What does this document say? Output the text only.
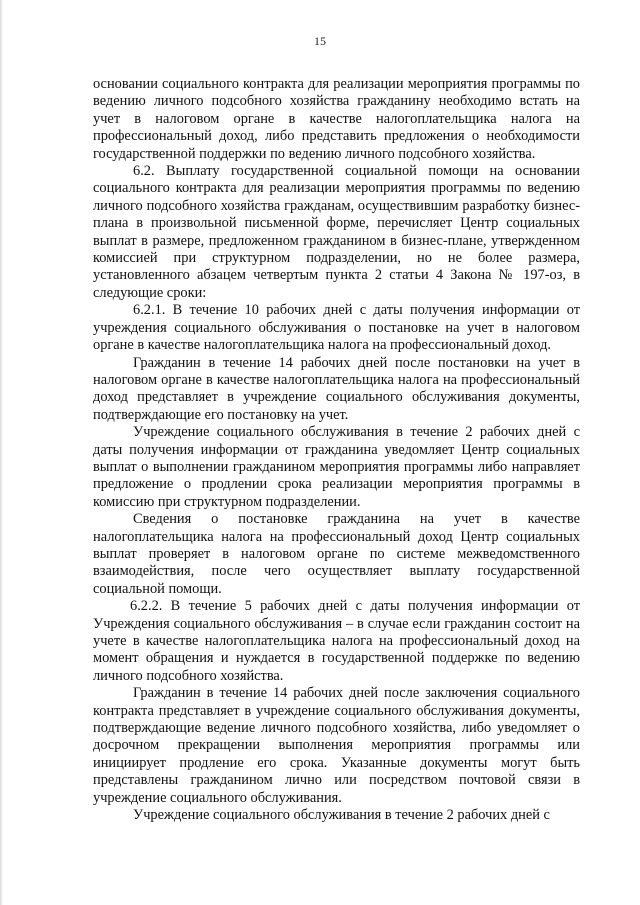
15

основании социального контракта для реализации мероприятия программы по ведению личного подсобного хозяйства гражданину необходимо встать на учет в налоговом органе в качестве налогоплательщика налога на профессиональный доход, либо представить предложения о необходимости государственной поддержки по ведению личного подсобного хозяйства.

6.2. Выплату государственной социальной помощи на основании социального контракта для реализации мероприятия программы по ведению личного подсобного хозяйства гражданам, осуществившим разработку бизнес-плана в произвольной письменной форме, перечисляет Центр социальных выплат в размере, предложенном гражданином в бизнес-плане, утвержденном комиссией при структурном подразделении, но не более размера, установленного абзацем четвертым пункта 2 статьи 4 Закона № 197-оз, в следующие сроки:

6.2.1. В течение 10 рабочих дней с даты получения информации от учреждения социального обслуживания о постановке на учет в налоговом органе в качестве налогоплательщика налога на профессиональный доход.

Гражданин в течение 14 рабочих дней после постановки на учет в налоговом органе в качестве налогоплательщика налога на профессиональный доход представляет в учреждение социального обслуживания документы, подтверждающие его постановку на учет.

Учреждение социального обслуживания в течение 2 рабочих дней с даты получения информации от гражданина уведомляет Центр социальных выплат о выполнении гражданином мероприятия программы либо направляет предложение о продлении срока реализации мероприятия программы в комиссию при структурном подразделении.

Сведения о постановке гражданина на учет в качестве налогоплательщика налога на профессиональный доход Центр социальных выплат проверяет в налоговом органе по системе межведомственного взаимодействия, после чего осуществляет выплату государственной социальной помощи.

6.2.2. В течение 5 рабочих дней с даты получения информации от Учреждения социального обслуживания – в случае если гражданин состоит на учете в качестве налогоплательщика налога на профессиональный доход на момент обращения и нуждается в государственной поддержке по ведению личного подсобного хозяйства.

Гражданин в течение 14 рабочих дней после заключения социального контракта представляет в учреждение социального обслуживания документы, подтверждающие ведение личного подсобного хозяйства, либо уведомляет о досрочном прекращении выполнения мероприятия программы или инициирует продление его срока. Указанные документы могут быть представлены гражданином лично или посредством почтовой связи в учреждение социального обслуживания.

Учреждение социального обслуживания в течение 2 рабочих дней с
